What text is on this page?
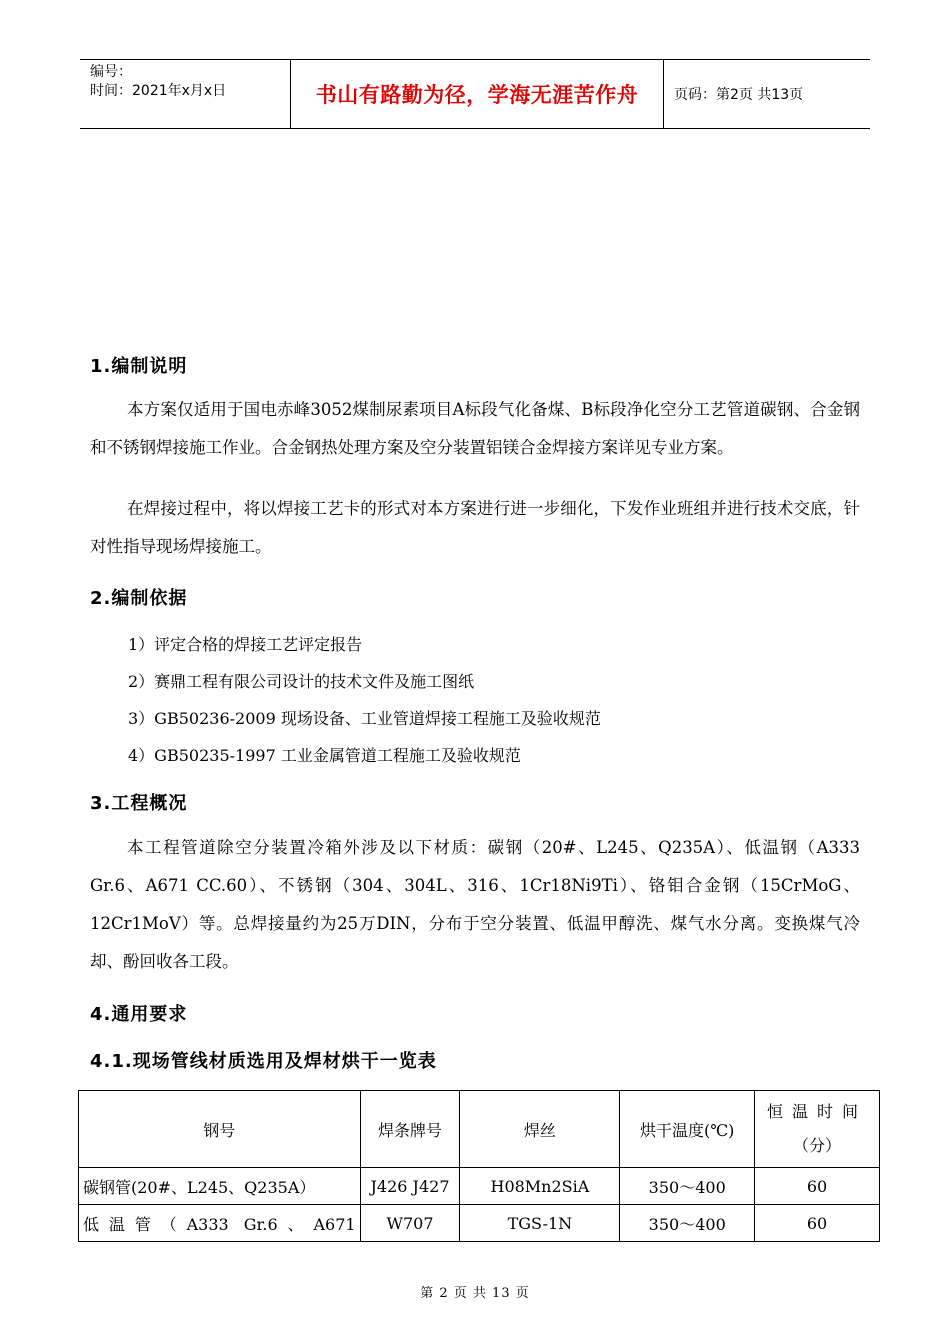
编号：
时间：2021年x月x日	书山有路勤为径，学海无涯苦作舟	页码：第2页 共13页
1.编制说明

本方案仅适用于国电赤峰3052煤制尿素项目A标段气化备煤、B标段净化空分工艺管道碳钢、合金钢和不锈钢焊接施工作业。合金钢热处理方案及空分装置铝镁合金焊接方案详见专业方案。

在焊接过程中，将以焊接工艺卡的形式对本方案进行进一步细化，下发作业班组并进行技术交底，针对性指导现场焊接施工。

2.编制依据

1）评定合格的焊接工艺评定报告

2）赛鼎工程有限公司设计的技术文件及施工图纸

3）GB50236-2009 现场设备、工业管道焊接工程施工及验收规范

4）GB50235-1997 工业金属管道工程施工及验收规范

3.工程概况

本工程管道除空分装置冷箱外涉及以下材质：碳钢（20#、L245、Q235A）、低温钢（A333 Gr.6、A671 CC.60）、不锈钢（304、304L、316、1Cr18Ni9Ti）、铬钼合金钢（15CrMoG、12Cr1MoV）等。总焊接量约为25万DIN，分布于空分装置、低温甲醇洗、煤气水分离。变换煤气冷却、酚回收各工段。

4.通用要求
4.1.现场管线材质选用及焊材烘干一览表
钢号	焊条牌号	焊丝	烘干温度(℃)	恒温时间
（分）

碳钢管(20#、L245、Q235A）	J426 J427	H08Mn2SiA	350～400	60
低温管（A333 Gr.6、A671	W707	TGS-1N	350～400	60
第 2 页 共 13 页
